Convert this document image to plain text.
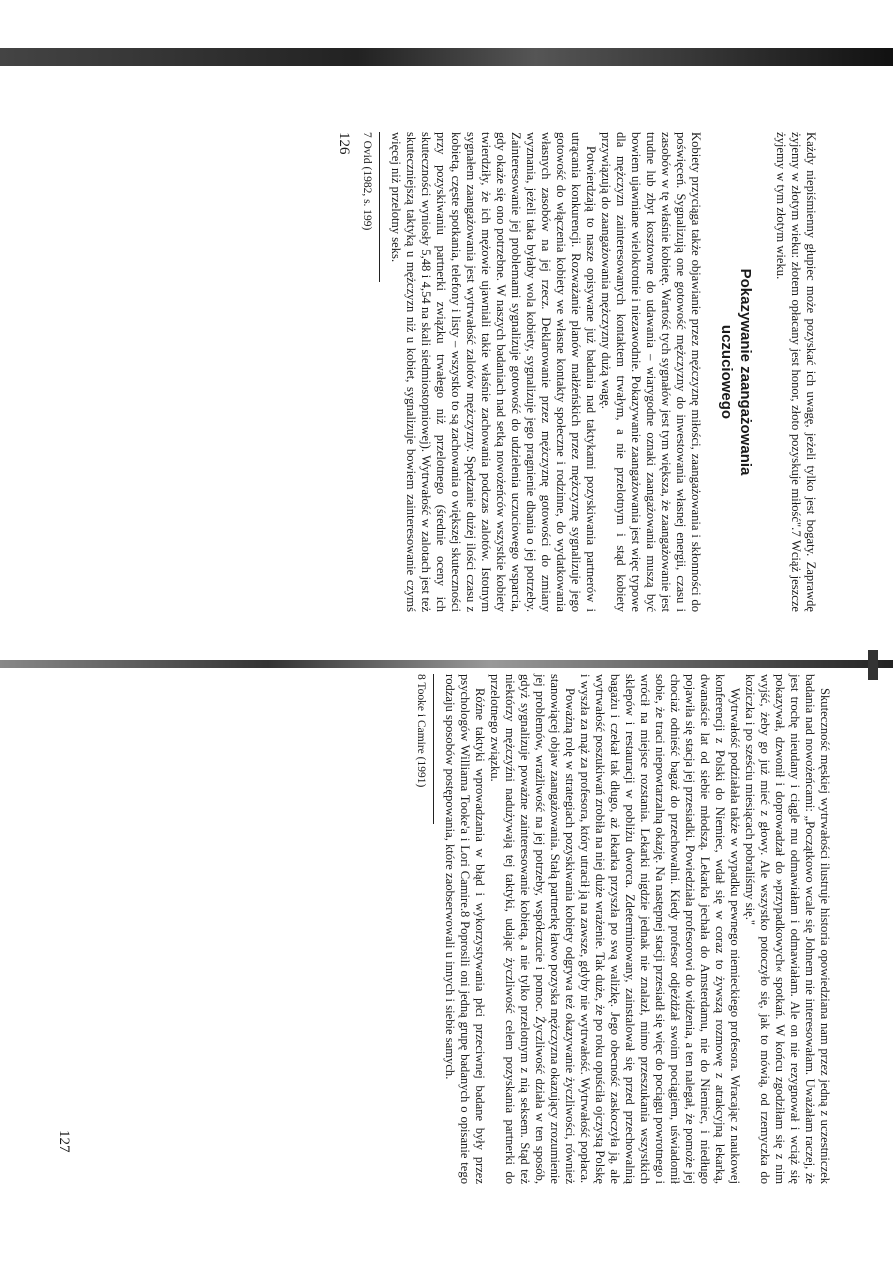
Każdy niepiśmienny głupiec może pozyskać ich uwagę, jeżeli tylko jest bogaty. Zaprawdę żyjemy w złotym wieku: złotem opłacany jest honor, złoto pozyskuje miłość".7 Wciąż jeszcze żyjemy w tym złotym wieku.

Pokazywanie zaangażowania
uczuciowego

Kobiety przyciąga także objawianie przez mężczyznę miłości, zaangażowania i skłonności do poświęceń. Sygnalizują one gotowość mężczyzny do inwestowania własnej energii, czasu i zasobów w tę właśnie kobietę. Wartość tych sygnałów jest tym większa, że zaangażowanie jest trudne lub zbyt kosztowne do udawania – wiarygodne oznaki zaangażowania muszą być bowiem ujawniane wielokrotnie i niezawodnie. Pokazywanie zaangażowania jest więc typowe dla mężczyzn zainteresowanych kontaktem trwałym, a nie przelotnym i stąd kobiety przywiązują do zaangażowania mężczyzny dużą wagę.

Potwierdzają to nasze opisywane już badania nad taktykami pozyskiwania partnerów i utrącania konkurencji. Rozważanie planów małżeńskich przez mężczyznę sygnalizuje jego gotowość do włączenia kobiety we własne kontakty społeczne i rodzinne, do wydatkowania własnych zasobów na jej rzecz. Deklarowanie przez mężczyznę gotowości do zmiany wyznania, jeżeli taka byłaby wola kobiety, sygnalizuje jego pragnienie dbania o jej potrzeby. Zainteresowanie jej problemami sygnalizuje gotowość do udzielenia uczuciowego wsparcia, gdy okaże się ono potrzebne. W naszych badaniach nad setką nowożeńców wszystkie kobiety twierdziły, że ich mężowie ujawniali takie właśnie zachowania podczas zalotów. Istotnym sygnałem zaangażowania jest wytrwałość zalotów mężczyzny. Spędzanie dużej ilości czasu z kobietą, częste spotkania, telefony i listy – wszystko to są zachowania o większej skuteczności przy pozyskiwaniu partnerki związku trwałego niż przelotnego (średnie oceny ich skuteczności wyniosły 5,48 i 4,54 na skali siedmiostopniowej). Wytrwałość w zalotach jest też skuteczniejszą taktyką u mężczyzn niż u kobiet, sygnalizuje bowiem zainteresowanie czymś więcej niż przelotny seks.

7 Ovid (1982, s. 199)

126

Skuteczność męskiej wytrwałości ilustruje historia opowiedziana nam przez jedną z uczestniczek badania nad nowożeńcami: „Początkowo wcale się Johnem nie interesowałam. Uważałam raczej, że jest trochę nieudany i ciągle mu odmawiałam i odmawiałam. Ale on nie rezygnował i wciąż się pokazywał, dzwonił i doprowadzał do »przypadkowych« spotkań. W końcu zgodziłam się z nim wyjść, żeby go już mieć z głowy. Ale wszystko potoczyło się, jak to mówią, od rzemyczka do koziczka i po sześciu miesiącach pobraliśmy się."

Wytrwałość podziałała także w wypadku pewnego niemieckiego profesora. Wracając z naukowej konferencji z Polski do Niemiec, wdał się w coraz to żywszą rozmowę z atrakcyjną lekarką, dwanaście lat od siebie młodszą. Lekarka jechała do Amsterdamu, nie do Niemiec, i niedługo pojawiła się stacja jej przesiadki. Powiedziała profesorowi do widzenia, a ten nalegał, że pomoże jej chociaż odnieść bagaż do przechowalni. Kiedy profesor odjeżdżał swoim pociągiem, uświadomił sobie, że traci niepowtarzalną okazję. Na następnej stacji przesiadł się więc do pociągu powrotnego i wrócił na miejsce rozstania. Lekarki nigdzie jednak nie znalazł, mimo przeszukania wszystkich sklepów i restauracji w pobliżu dworca. Zdeterminowany, zainstalował się przed przechowalnią bagażu i czekał tak długo, aż lekarka przyszła po swą walizkę. Jego obecność zaskoczyła ją, ale wytrwałość poszukiwań zrobiła na niej duże wrażenie. Tak duże, że po roku opuściła ojczystą Polskę i wyszła za mąż za profesora, który utracił ją na zawsze, gdyby nie wytrwałość. Wytrwałość popłaca.

Poważną rolę w strategiach pozyskiwania kobiety odgrywa też okazywanie życzliwości, również stanowiącej objaw zaangażowania. Stałą partnerkę łatwo pozyska mężczyzna okazujący zrozumienie jej problemów, wrażliwość na jej potrzeby, współczucie i pomoc. Życzliwość działa w ten sposób, gdyż sygnalizuje poważne zainteresowanie kobietą, a nie tylko przelotnym z nią seksem. Stąd też niektórzy mężczyźni nadużywają tej taktyki, udając życzliwość celem pozyskania partnerki do przelotnego związku.

Różne taktyki wprowadzania w błąd i wykorzystywania płci przeciwnej badane były przez psychologów Williama Tooke'a i Lori Camire.8 Poprosili oni jedną grupę badanych o opisanie tego rodzaju sposobów postępowania, które zaobserwowali u innych i siebie samych.

8 Tooke i Camire (1991)

127
